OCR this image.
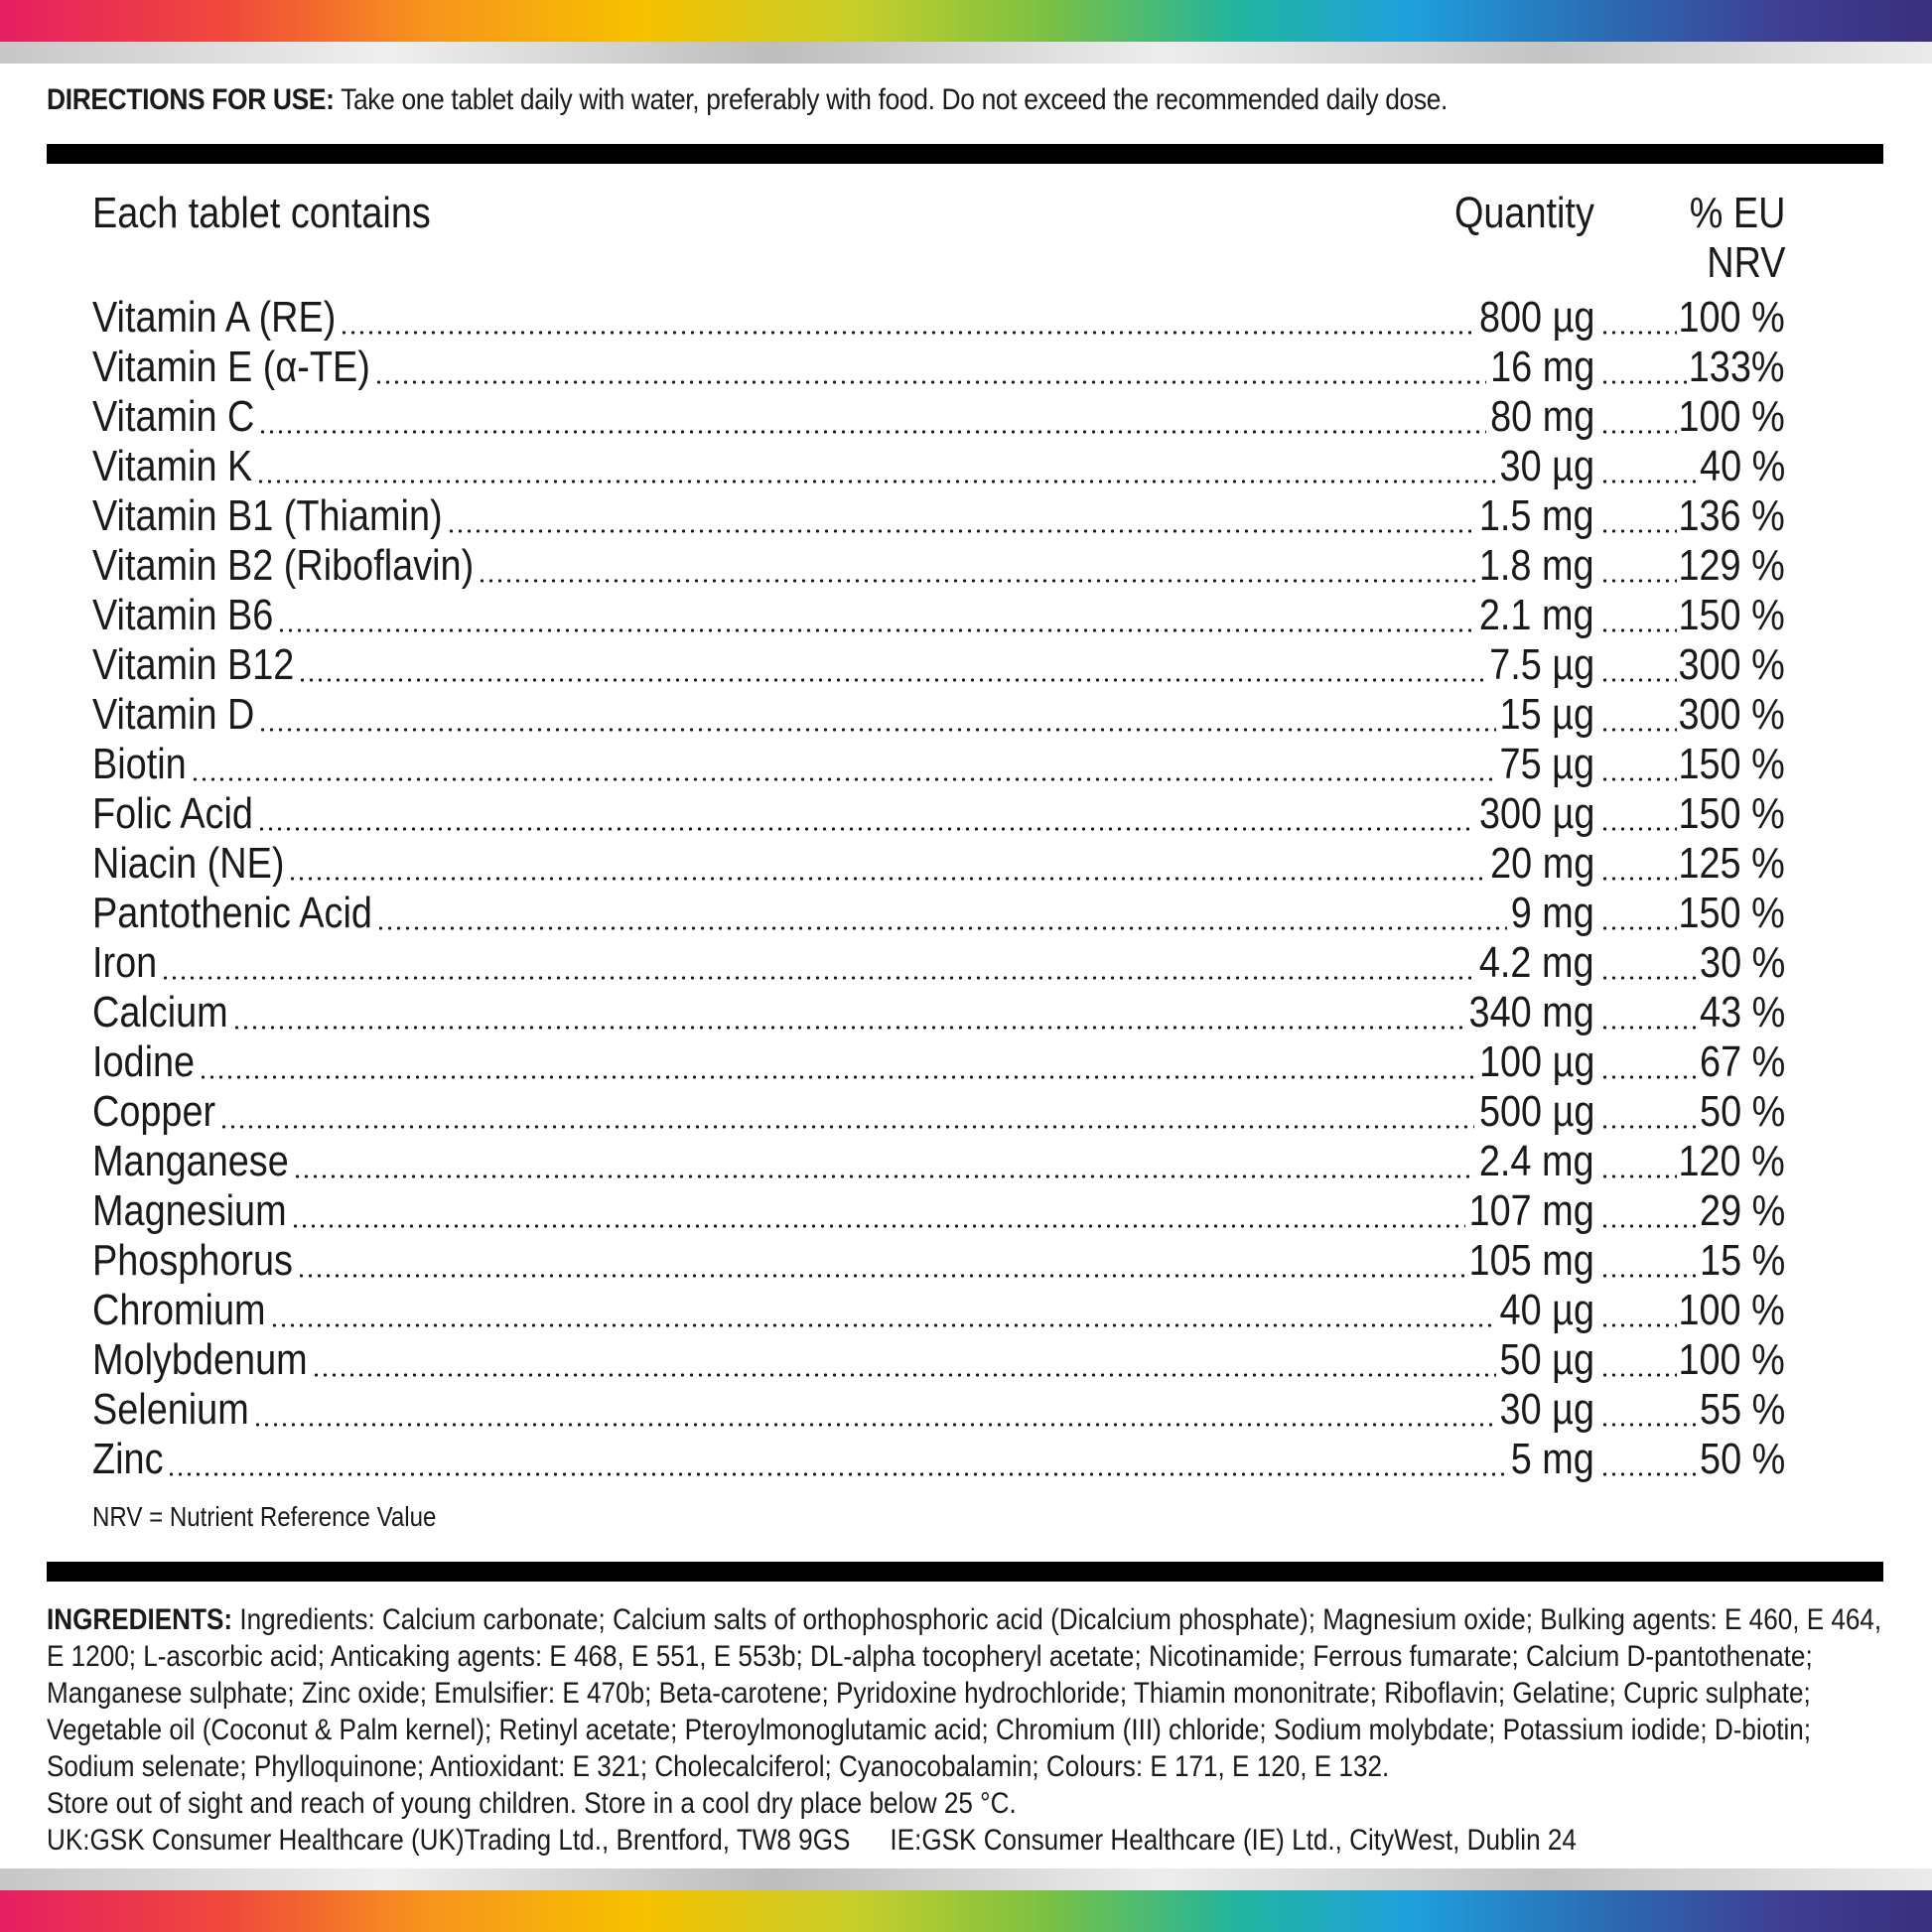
DIRECTIONS FOR USE: Take one tablet daily with water, preferably with food. Do not exceed the recommended daily dose.
Each tablet contains	Quantity % EU
NRV
Vitamin A (RE)	800 µg 100 %
Vitamin E (α-TE)	16 mg 133%
Vitamin C	80 mg 100 %
Vitamin K	30 µg 40 %
Vitamin B1 (Thiamin)	1.5 mg 136 %
Vitamin B2 (Riboflavin)	1.8 mg 129 %
Vitamin B6	2.1 mg 150 %
Vitamin B12	7.5 µg 300 %
Vitamin D	15 µg 300 %
Biotin	75 µg 150 %
Folic Acid	300 µg 150 %
Niacin (NE)	20 mg 125 %
Pantothenic Acid	9 mg 150 %
Iron	4.2 mg 30 %
Calcium	340 mg 43 %
Iodine	100 µg 67 %
Copper	500 µg 50 %
Manganese	2.4 mg 120 %
Magnesium	107 mg 29 %
Phosphorus	105 mg 15 %
Chromium	40 µg 100 %
Molybdenum	50 µg 100 %
Selenium	30 µg 55 %
Zinc	5 mg 50 %
NRV = Nutrient Reference Value

INGREDIENTS: Ingredients: Calcium carbonate; Calcium salts of orthophosphoric acid (Dicalcium phosphate); Magnesium oxide; Bulking agents: E 460, E 464, E 1200; L-ascorbic acid; Anticaking agents: E 468, E 551, E 553b; DL-alpha tocopheryl acetate; Nicotinamide; Ferrous fumarate; Calcium D-pantothenate; Manganese sulphate; Zinc oxide; Emulsifier: E 470b; Beta-carotene; Pyridoxine hydrochloride; Thiamin mononitrate; Riboflavin; Gelatine; Cupric sulphate; Vegetable oil (Coconut & Palm kernel); Retinyl acetate; Pteroylmonoglutamic acid; Chromium (III) chloride; Sodium molybdate; Potassium iodide; D-biotin; Sodium selenate; Phylloquinone; Antioxidant: E 321; Cholecalciferol; Cyanocobalamin; Colours: E 171, E 120, E 132.

Store out of sight and reach of young children. Store in a cool dry place below 25 °C.

UK:GSK Consumer Healthcare (UK)Trading Ltd., Brentford, TW8 9GS IE:GSK Consumer Healthcare (IE) Ltd., CityWest, Dublin 24
